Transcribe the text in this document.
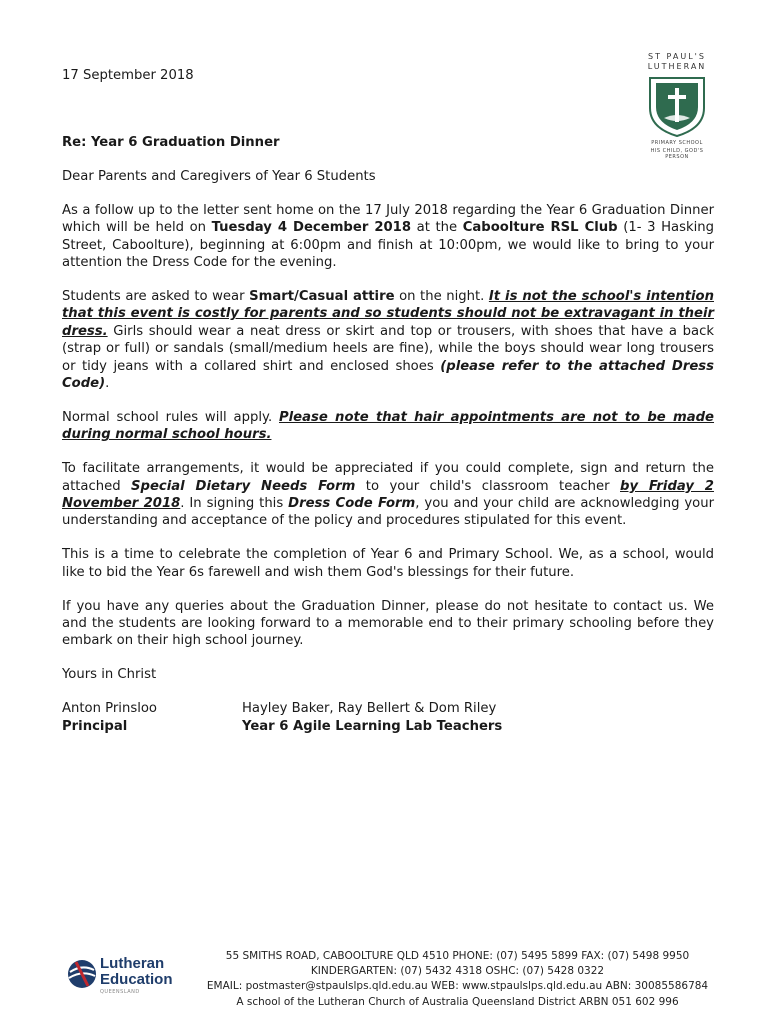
ST PAUL'S
LUTHERAN
PRIMARY SCHOOL
HIS CHILD, GOD'S PERSON
17 September 2018

Re: Year 6 Graduation Dinner

Dear Parents and Caregivers of Year 6 Students

As a follow up to the letter sent home on the 17 July 2018 regarding the Year 6 Graduation Dinner which will be held on Tuesday 4 December 2018 at the Caboolture RSL Club (1- 3 Hasking Street, Caboolture), beginning at 6:00pm and finish at 10:00pm, we would like to bring to your attention the Dress Code for the evening.

Students are asked to wear Smart/Casual attire on the night. It is not the school's intention that this event is costly for parents and so students should not be extravagant in their dress. Girls should wear a neat dress or skirt and top or trousers, with shoes that have a back (strap or full) or sandals (small/medium heels are fine), while the boys should wear long trousers or tidy jeans with a collared shirt and enclosed shoes (please refer to the attached Dress Code).

Normal school rules will apply. Please note that hair appointments are not to be made during normal school hours.

To facilitate arrangements, it would be appreciated if you could complete, sign and return the attached Special Dietary Needs Form to your child's classroom teacher by Friday 2 November 2018. In signing this Dress Code Form, you and your child are acknowledging your understanding and acceptance of the policy and procedures stipulated for this event.

This is a time to celebrate the completion of Year 6 and Primary School. We, as a school, would like to bid the Year 6s farewell and wish them God's blessings for their future.

If you have any queries about the Graduation Dinner, please do not hesitate to contact us. We and the students are looking forward to a memorable end to their primary schooling before they embark on their high school journey.

Yours in Christ

Anton Prinsloo	Hayley Baker, Ray Bellert & Dom Riley
Principal	Year 6 Agile Learning Lab Teachers
Lutheran
Education
QUEENSLAND
55 SMITHS ROAD, CABOOLTURE QLD 4510 PHONE: (07) 5495 5899 FAX: (07) 5498 9950
KINDERGARTEN: (07) 5432 4318 OSHC: (07) 5428 0322
EMAIL: postmaster@stpaulslps.qld.edu.au WEB: www.stpaulslps.qld.edu.au ABN: 30085586784
A school of the Lutheran Church of Australia Queensland District ARBN 051 602 996
